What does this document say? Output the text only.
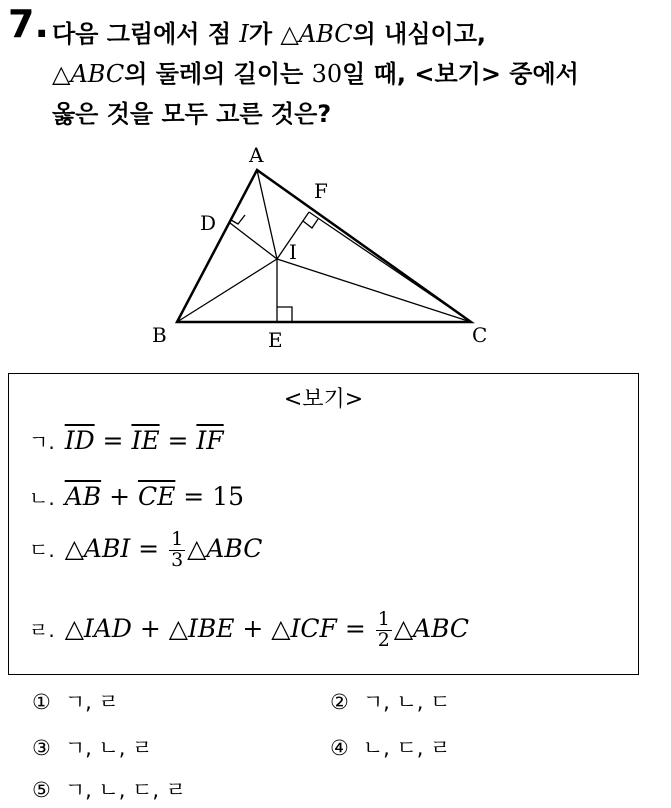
7. 다음 그림에서 점 I가 △ABC의 내심이고,
△ABC의 둘레의 길이는 30일 때, <보기> 중에서
옳은 것을 모두 고른 것은?
A
B	C
D
E
F
I
<보기>
ㄱ. $\overline{ID} = \overline{IE} = \overline{IF}$
ㄴ. $\overline{AB} + \overline{CE} = 15$
ㄷ. △ABI = $\frac{1}{3}$ △ABC
ㄹ. △IAD + △IBE + △ICF = $\frac{1}{2}$ △ABC
① ㄱ, ㄹ	② ㄱ, ㄴ, ㄷ
③ ㄱ, ㄴ, ㄹ	④ ㄴ, ㄷ, ㄹ
⑤ ㄱ, ㄴ, ㄷ, ㄹ
